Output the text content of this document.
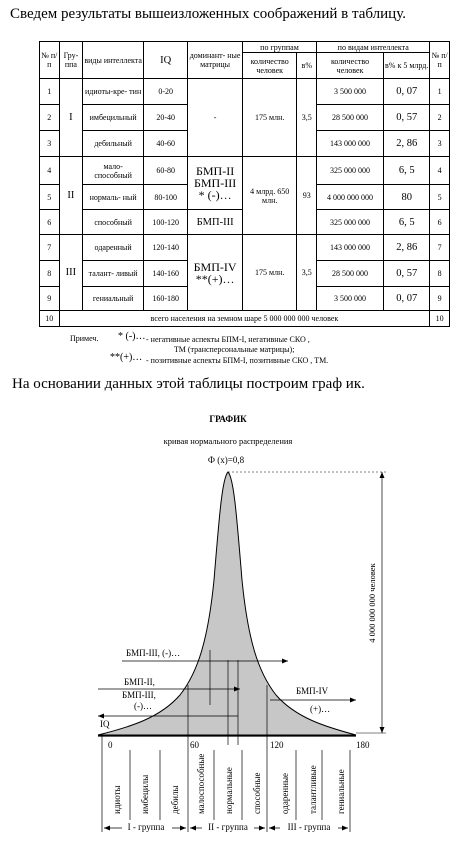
Сведем результаты вышеизложенных соображений в таблицу.
№ п/п	Гру- ппа	виды интеллекта	IQ	доминант- ные матрицы	по группам		по видам интеллекта		№ п/п
					количество человек	в%	количество человек	в% к 5 млрд.	
1	I	идиоты-кре- тин	0-20	-	175 млн.	3,5	3 500 000	0, 07	1
2		имбецильный	20-40				28 500 000	0, 57	2
3		дебильный	40-60				143 000 000	2, 86	3
4	II	мало- способный	60-80	БМП-II
БМП-III
* (-)…	4 млрд. 650 млн.	93	325 000 000	6, 5	4
5		нормаль- ный	80-100				4 000 000 000	80	5
6		способный	100-120	БМП-III			325 000 000	6, 5	6
7	III	одаренный	120-140	БМП-IV
**(+)…	175 млн.	3,5	143 000 000	2, 86	7
8		талант- ливый	140-160				28 500 000	0, 57	8
9		гениальный	160-180				3 500 000	0, 07	9
10	всего населения на земном шаре 5 000 000 000 человек								10
Примеч. * (-)… - негативные аспекты БПМ-I, негативные СКО ,
ТМ (трансперсональные матрицы);
**(+)… - позитивные аспекты БПМ-I, позитивные СКО , ТМ.
На основании данных этой таблицы построим граф ик.
ГРАФИК
кривая нормального распределения
Ф (х)=0,8
БМП-III, (-)…
БМП-II,
БМП-III,
(-)…
БМП-IV
(+)…
4 000 000 000 человек
IQ
0	60	120	180
идиоты имбецилы дебилы малоспособные нормальные способные одаренные талантливые гениальные
I - группа	II - группа	III - группа
